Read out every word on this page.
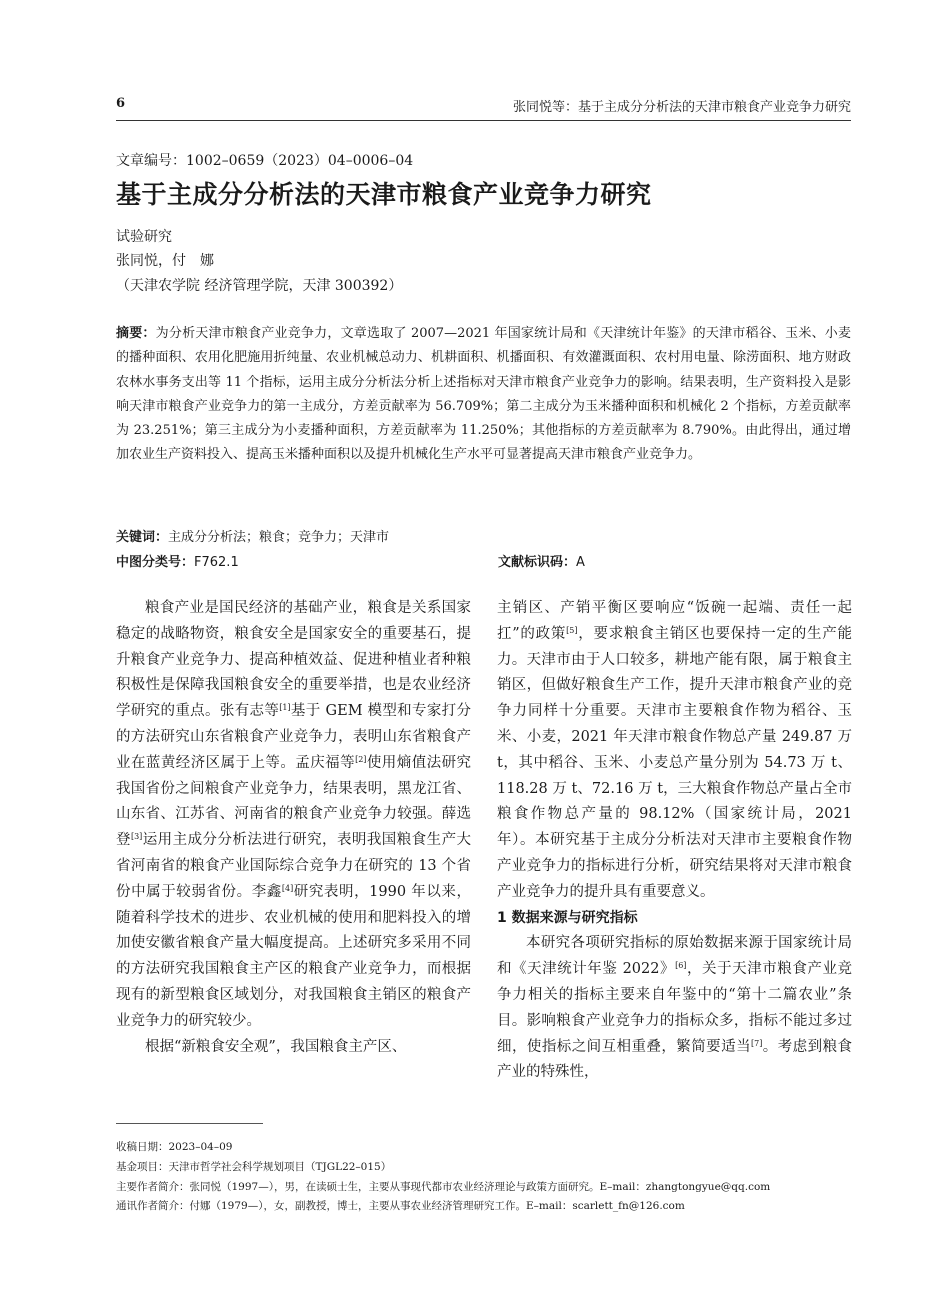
6	张同悦等：基于主成分分析法的天津市粮食产业竞争力研究
文章编号：1002–0659（2023）04–0006–04
基于主成分分析法的天津市粮食产业竞争力研究
试验研究
张同悦，付　娜
（天津农学院 经济管理学院，天津 300392）
摘要：为分析天津市粮食产业竞争力，文章选取了 2007—2021 年国家统计局和《天津统计年鉴》的天津市稻谷、玉米、小麦的播种面积、农用化肥施用折纯量、农业机械总动力、机耕面积、机播面积、有效灌溉面积、农村用电量、除涝面积、地方财政农林水事务支出等 11 个指标，运用主成分分析法分析上述指标对天津市粮食产业竞争力的影响。结果表明，生产资料投入是影响天津市粮食产业竞争力的第一主成分，方差贡献率为 56.709%；第二主成分为玉米播种面积和机械化 2 个指标，方差贡献率为 23.251%；第三主成分为小麦播种面积，方差贡献率为 11.250%；其他指标的方差贡献率为 8.790%。由此得出，通过增加农业生产资料投入、提高玉米播种面积以及提升机械化生产水平可显著提高天津市粮食产业竞争力。
关键词：主成分分析法；粮食；竞争力；天津市
中图分类号：F762.1	文献标识码：A

粮食产业是国民经济的基础产业，粮食是关系国家稳定的战略物资，粮食安全是国家安全的重要基石，提升粮食产业竞争力、提高种植效益、促进种植业者种粮积极性是保障我国粮食安全的重要举措，也是农业经济学研究的重点。张有志等[1]基于 GEM 模型和专家打分的方法研究山东省粮食产业竞争力，表明山东省粮食产业在蓝黄经济区属于上等。孟庆福等[2]使用熵值法研究我国省份之间粮食产业竞争力，结果表明，黑龙江省、山东省、江苏省、河南省的粮食产业竞争力较强。薛选登[3]运用主成分分析法进行研究，表明我国粮食生产大省河南省的粮食产业国际综合竞争力在研究的 13 个省份中属于较弱省份。李鑫[4]研究表明，1990 年以来，随着科学技术的进步、农业机械的使用和肥料投入的增加使安徽省粮食产量大幅度提高。上述研究多采用不同的方法研究我国粮食主产区的粮食产业竞争力，而根据现有的新型粮食区域划分，对我国粮食主销区的粮食产业竞争力的研究较少。

根据“新粮食安全观”，我国粮食主产区、

主销区、产销平衡区要响应“饭碗一起端、责任一起扛”的政策[5]，要求粮食主销区也要保持一定的生产能力。天津市由于人口较多，耕地产能有限，属于粮食主销区，但做好粮食生产工作，提升天津市粮食产业的竞争力同样十分重要。天津市主要粮食作物为稻谷、玉米、小麦，2021 年天津市粮食作物总产量 249.87 万 t，其中稻谷、玉米、小麦总产量分别为 54.73 万 t、118.28 万 t、72.16 万 t，三大粮食作物总产量占全市粮食作物总产量的 98.12%（国家统计局，2021 年）。本研究基于主成分分析法对天津市主要粮食作物产业竞争力的指标进行分析，研究结果将对天津市粮食产业竞争力的提升具有重要意义。

1 数据来源与研究指标

本研究各项研究指标的原始数据来源于国家统计局和《天津统计年鉴 2022》[6]，关于天津市粮食产业竞争力相关的指标主要来自年鉴中的“第十二篇农业”条目。影响粮食产业竞争力的指标众多，指标不能过多过细，使指标之间互相重叠，繁简要适当[7]。考虑到粮食产业的特殊性，

收稿日期：2023–04–09
基金项目：天津市哲学社会科学规划项目（TJGL22–015）
主要作者简介：张同悦（1997—），男，在读硕士生，主要从事现代都市农业经济理论与政策方面研究。E–mail：zhangtongyue@qq.com
通讯作者简介：付娜（1979—），女，副教授，博士，主要从事农业经济管理研究工作。E–mail：scarlett_fn@126.com
